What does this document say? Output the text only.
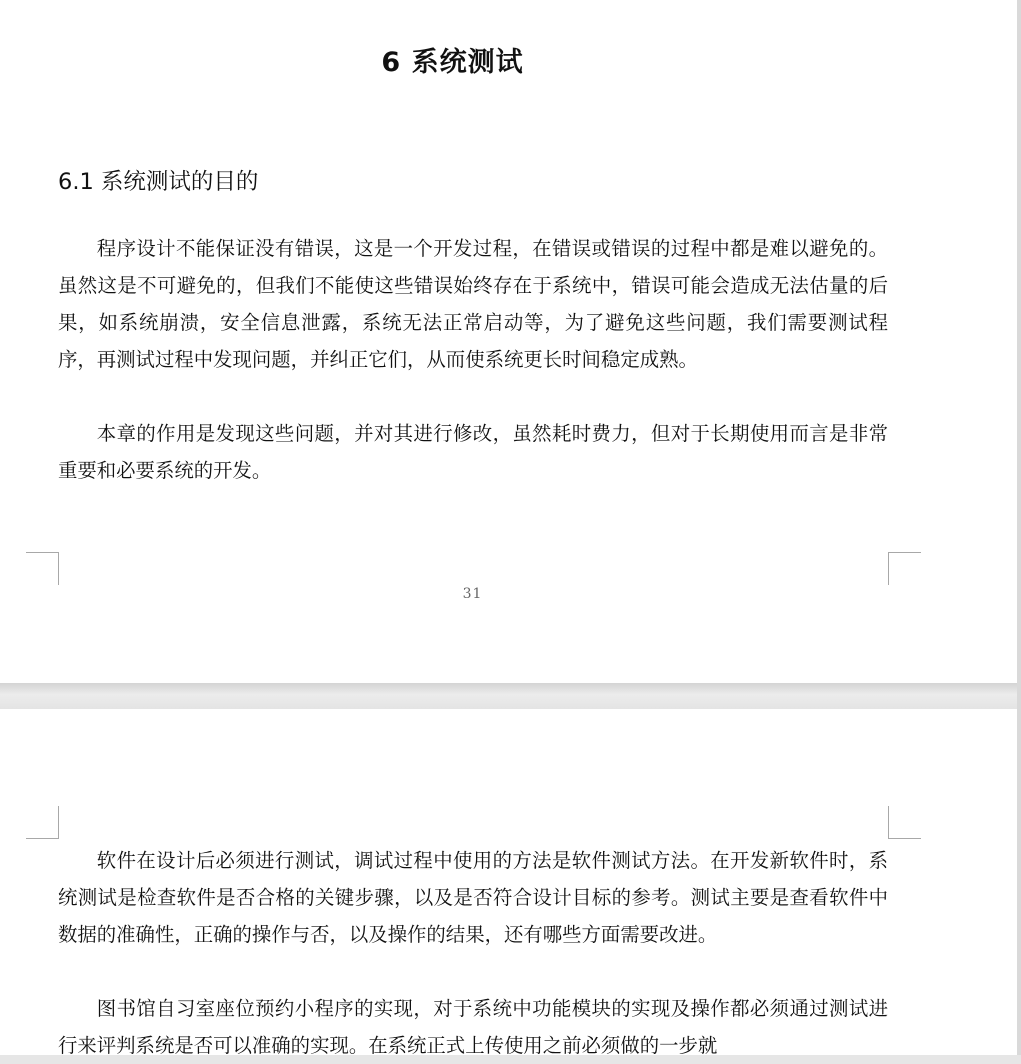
6 系统测试
6.1 系统测试的目的

程序设计不能保证没有错误，这是一个开发过程，在错误或错误的过程中都是难以避免的。虽然这是不可避免的，但我们不能使这些错误始终存在于系统中，错误可能会造成无法估量的后果，如系统崩溃，安全信息泄露，系统无法正常启动等，为了避免这些问题，我们需要测试程序，再测试过程中发现问题，并纠正它们，从而使系统更长时间稳定成熟。

本章的作用是发现这些问题，并对其进行修改，虽然耗时费力，但对于长期使用而言是非常重要和必要系统的开发。

31

软件在设计后必须进行测试，调试过程中使用的方法是软件测试方法。在开发新软件时，系统测试是检查软件是否合格的关键步骤，以及是否符合设计目标的参考。测试主要是查看软件中数据的准确性，正确的操作与否，以及操作的结果，还有哪些方面需要改进。

图书馆自习室座位预约小程序的实现，对于系统中功能模块的实现及操作都必须通过测试进行来评判系统是否可以准确的实现。在系统正式上传使用之前必须做的一步就
